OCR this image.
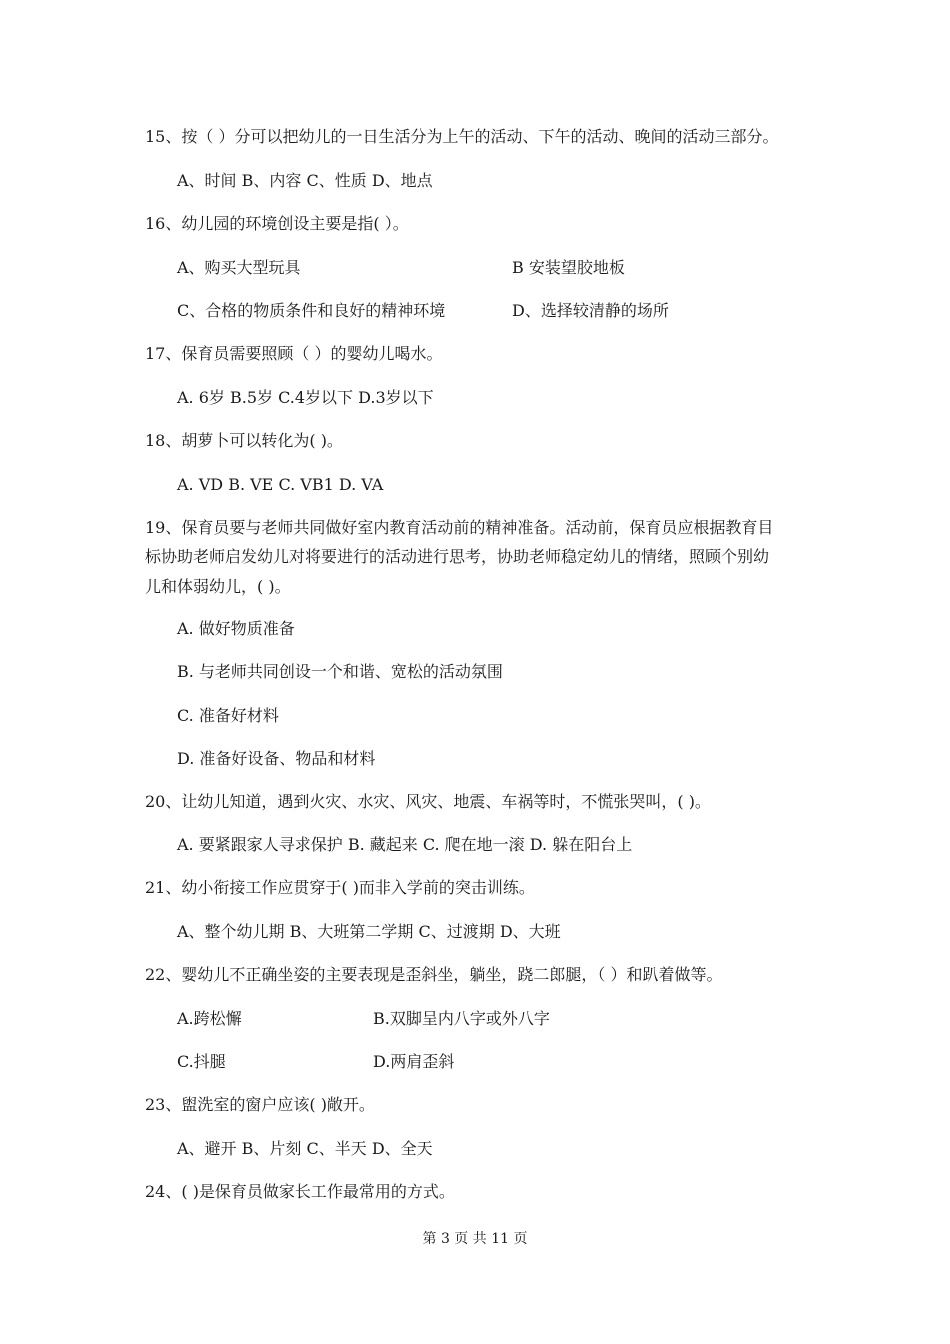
15、按（ ）分可以把幼儿的一日生活分为上午的活动、下午的活动、晚间的活动三部分。
A、时间 B、内容 C、性质 D、地点
16、幼儿园的环境创设主要是指( ）。
A、购买大型玩具	B 安装望胶地板
C、合格的物质条件和良好的精神环境	D、选择较清静的场所
17、保育员需要照顾（ ）的婴幼儿喝水。
A. 6岁 B.5岁 C.4岁以下 D.3岁以下
18、胡萝卜可以转化为( )。
A. VD B. VE C. VB1 D. VA
19、保育员要与老师共同做好室内教育活动前的精神准备。活动前，保育员应根据教育目
标协助老师启发幼儿对将要进行的活动进行思考，协助老师稳定幼儿的情绪，照顾个别幼
儿和体弱幼儿，( )。
A. 做好物质准备
B. 与老师共同创设一个和谐、宽松的活动氛围
C. 准备好材料
D. 准备好设备、物品和材料
20、让幼儿知道，遇到火灾、水灾、风灾、地震、车祸等时，不慌张哭叫，( )。
A. 要紧跟家人寻求保护 B. 藏起来 C. 爬在地一滚 D. 躲在阳台上
21、幼小衔接工作应贯穿于( )而非入学前的突击训练。
A、整个幼儿期 B、大班第二学期 C、过渡期 D、大班
22、婴幼儿不正确坐姿的主要表现是歪斜坐，躺坐，跷二郎腿，（ ）和趴着做等。
A.跨松懈	B.双脚呈内八字或外八字
C.抖腿	D.两肩歪斜
23、盥洗室的窗户应该( )敞开。
A、避开 B、片刻 C、半天 D、全天
24、( )是保育员做家长工作最常用的方式。
第 3 页 共 11 页
